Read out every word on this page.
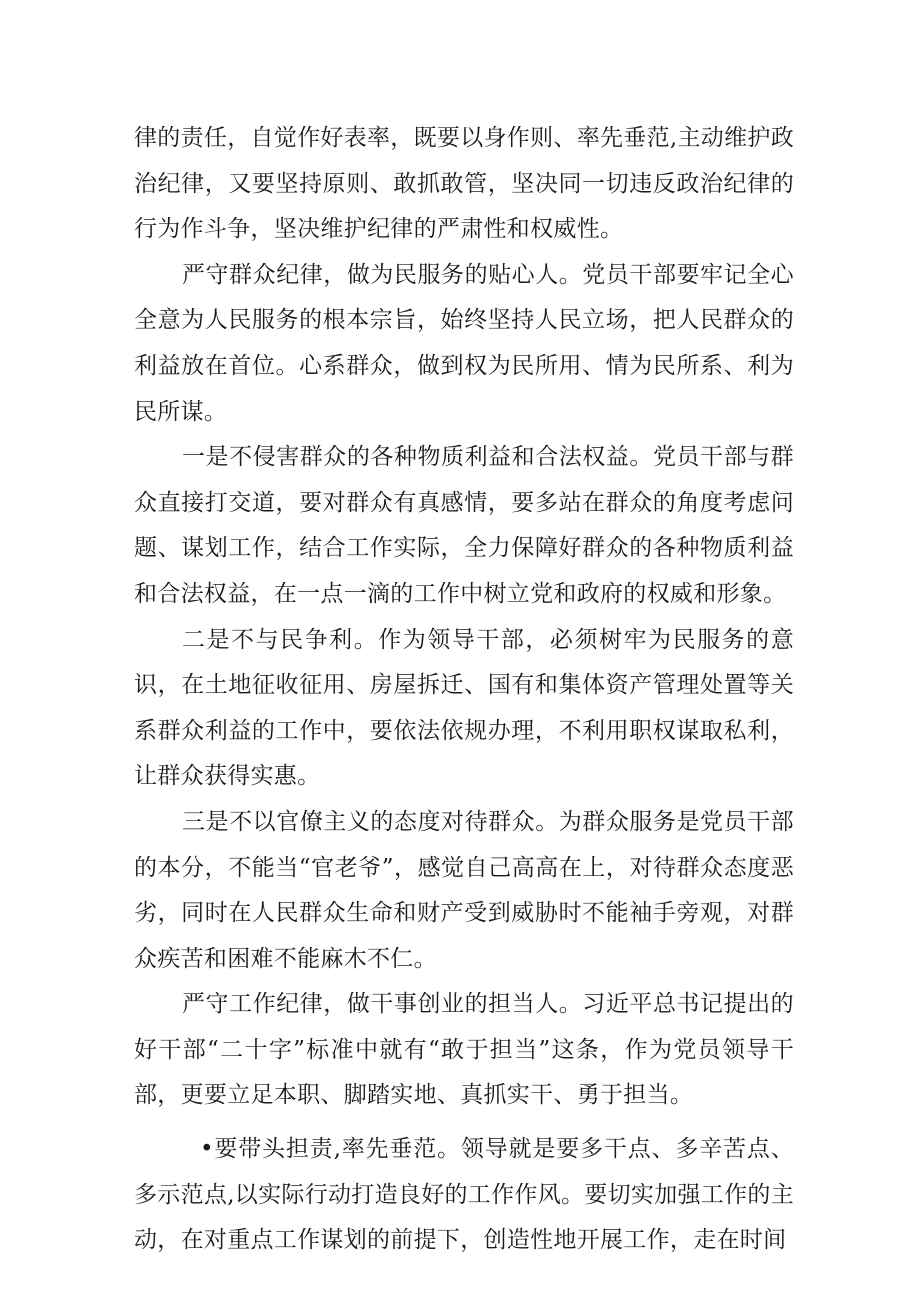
律的责任，自觉作好表率，既要以身作则、率先垂范,主动维护政治纪律，又要坚持原则、敢抓敢管，坚决同一切违反政治纪律的行为作斗争，坚决维护纪律的严肃性和权威性。

严守群众纪律，做为民服务的贴心人。党员干部要牢记全心全意为人民服务的根本宗旨，始终坚持人民立场，把人民群众的利益放在首位。心系群众，做到权为民所用、情为民所系、利为民所谋。

一是不侵害群众的各种物质利益和合法权益。党员干部与群众直接打交道，要对群众有真感情，要多站在群众的角度考虑问题、谋划工作，结合工作实际，全力保障好群众的各种物质利益和合法权益，在一点一滴的工作中树立党和政府的权威和形象。

二是不与民争利。作为领导干部，必须树牢为民服务的意识，在土地征收征用、房屋拆迁、国有和集体资产管理处置等关系群众利益的工作中，要依法依规办理，不利用职权谋取私利，让群众获得实惠。

三是不以官僚主义的态度对待群众。为群众服务是党员干部的本分，不能当“官老爷”，感觉自己高高在上，对待群众态度恶劣，同时在人民群众生命和财产受到威胁时不能袖手旁观，对群众疾苦和困难不能麻木不仁。

严守工作纪律，做干事创业的担当人。习近平总书记提出的好干部“二十字”标准中就有“敢于担当”这条，作为党员领导干部，更要立足本职、脚踏实地、真抓实干、勇于担当。

•要带头担责,率先垂范。领导就是要多干点、多辛苦点、多示范点,以实际行动打造良好的工作作风。要切实加强工作的主动，在对重点工作谋划的前提下，创造性地开展工作，走在时间
